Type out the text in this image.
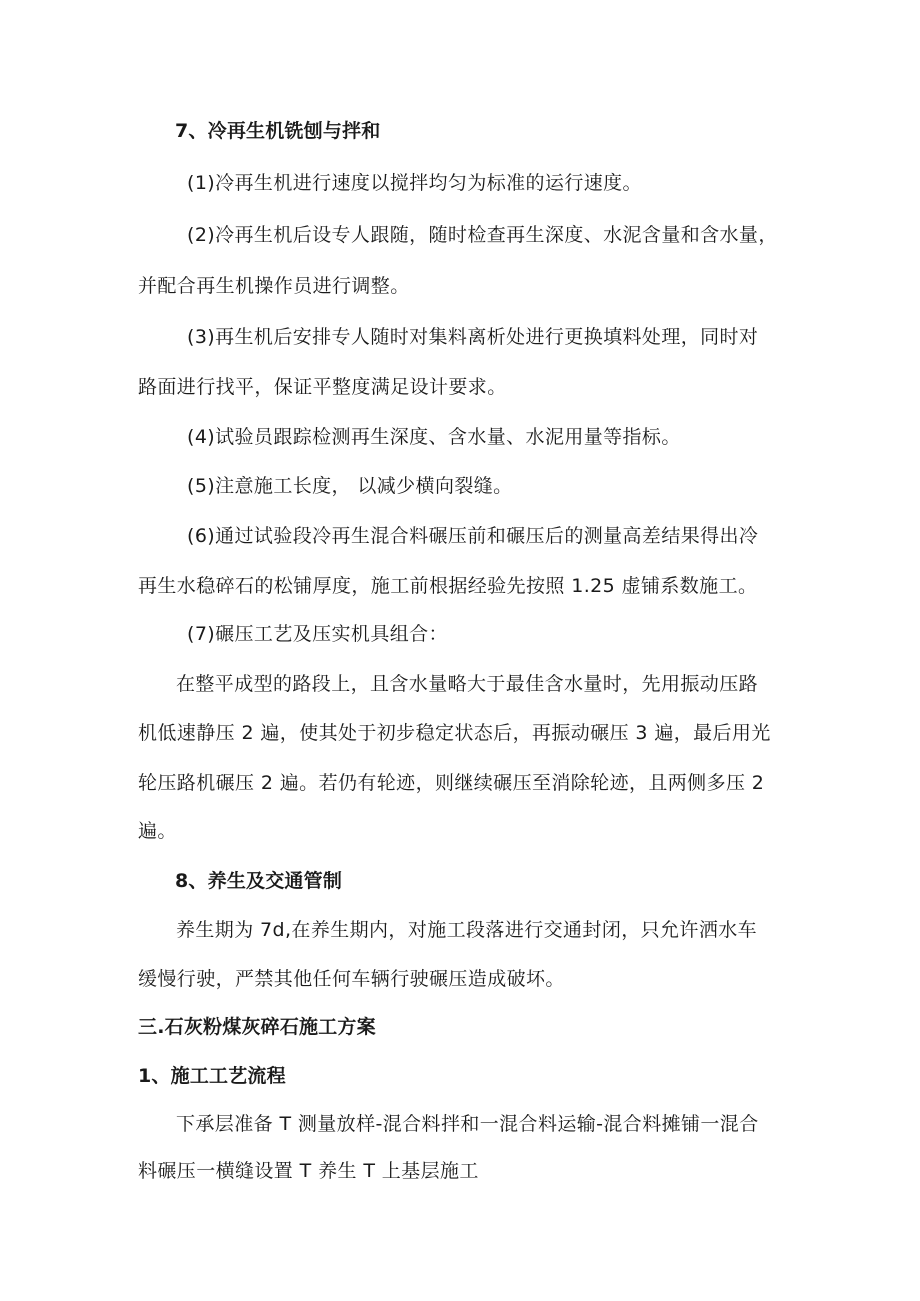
7、冷再生机铣刨与拌和
(1)冷再生机进行速度以搅拌均匀为标准的运行速度。
(2)冷再生机后设专人跟随，随时检查再生深度、水泥含量和含水量，
并配合再生机操作员进行调整。
(3)再生机后安排专人随时对集料离析处进行更换填料处理，同时对
路面进行找平，保证平整度满足设计要求。
(4)试验员跟踪检测再生深度、含水量、水泥用量等指标。
(5)注意施工长度， 以减少横向裂缝。
(6)通过试验段冷再生混合料碾压前和碾压后的测量高差结果得出冷
再生水稳碎石的松铺厚度，施工前根据经验先按照 1.25 虚铺系数施工。
(7)碾压工艺及压实机具组合：
在整平成型的路段上，且含水量略大于最佳含水量时，先用振动压路
机低速静压 2 遍，使其处于初步稳定状态后，再振动碾压 3 遍，最后用光
轮压路机碾压 2 遍。若仍有轮迹，则继续碾压至消除轮迹，且两侧多压 2
遍。
8、养生及交通管制
养生期为 7d,在养生期内，对施工段落进行交通封闭，只允许洒水车
缓慢行驶，严禁其他任何车辆行驶碾压造成破坏。
三.石灰粉煤灰碎石施工方案
1、施工工艺流程
下承层准备 T 测量放样-混合料拌和一混合料运输-混合料摊铺一混合
料碾压一横缝设置 T 养生 T 上基层施工
